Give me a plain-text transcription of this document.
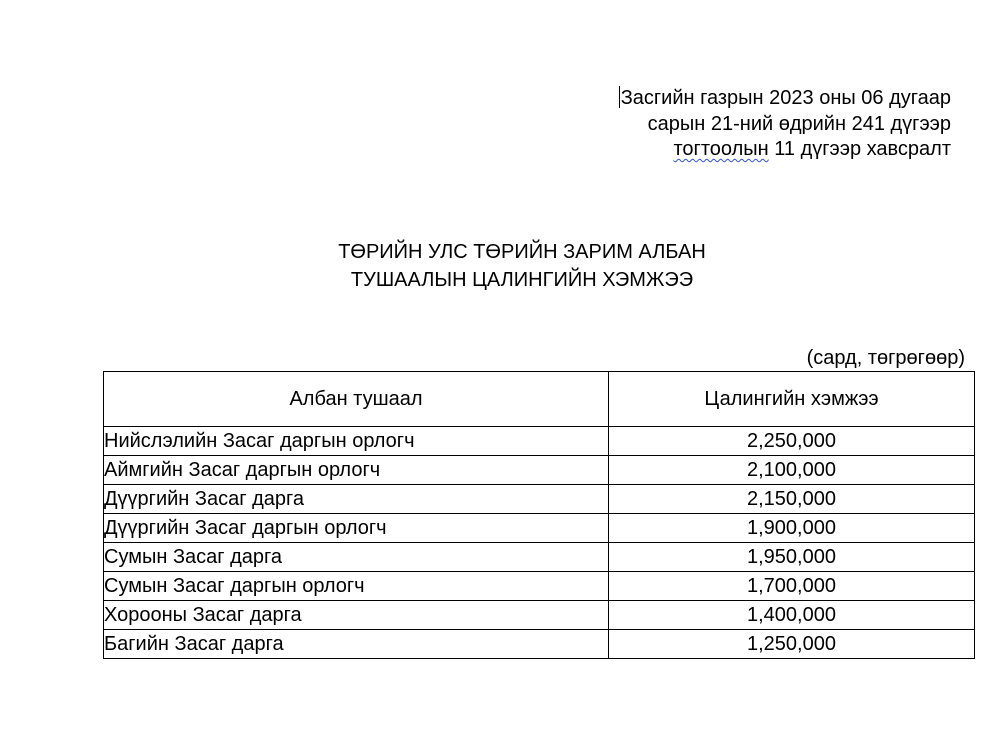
Засгийн газрын 2023 оны 06 дугаар
сарын 21-ний өдрийн 241 дүгээр
тогтоолын 11 дүгээр хавсралт
ТӨРИЙН УЛС ТӨРИЙН ЗАРИМ АЛБАН
ТУШААЛЫН ЦАЛИНГИЙН ХЭМЖЭЭ
(сард, төгрөгөөр)
Албан тушаал	Цалингийн хэмжээ
Нийслэлийн Засаг даргын орлогч	2,250,000
Аймгийн Засаг даргын орлогч	2,100,000
Дүүргийн Засаг дарга	2,150,000
Дүүргийн Засаг даргын орлогч	1,900,000
Сумын Засаг дарга	1,950,000
Сумын Засаг даргын орлогч	1,700,000
Хорооны Засаг дарга	1,400,000
Багийн Засаг дарга	1,250,000
